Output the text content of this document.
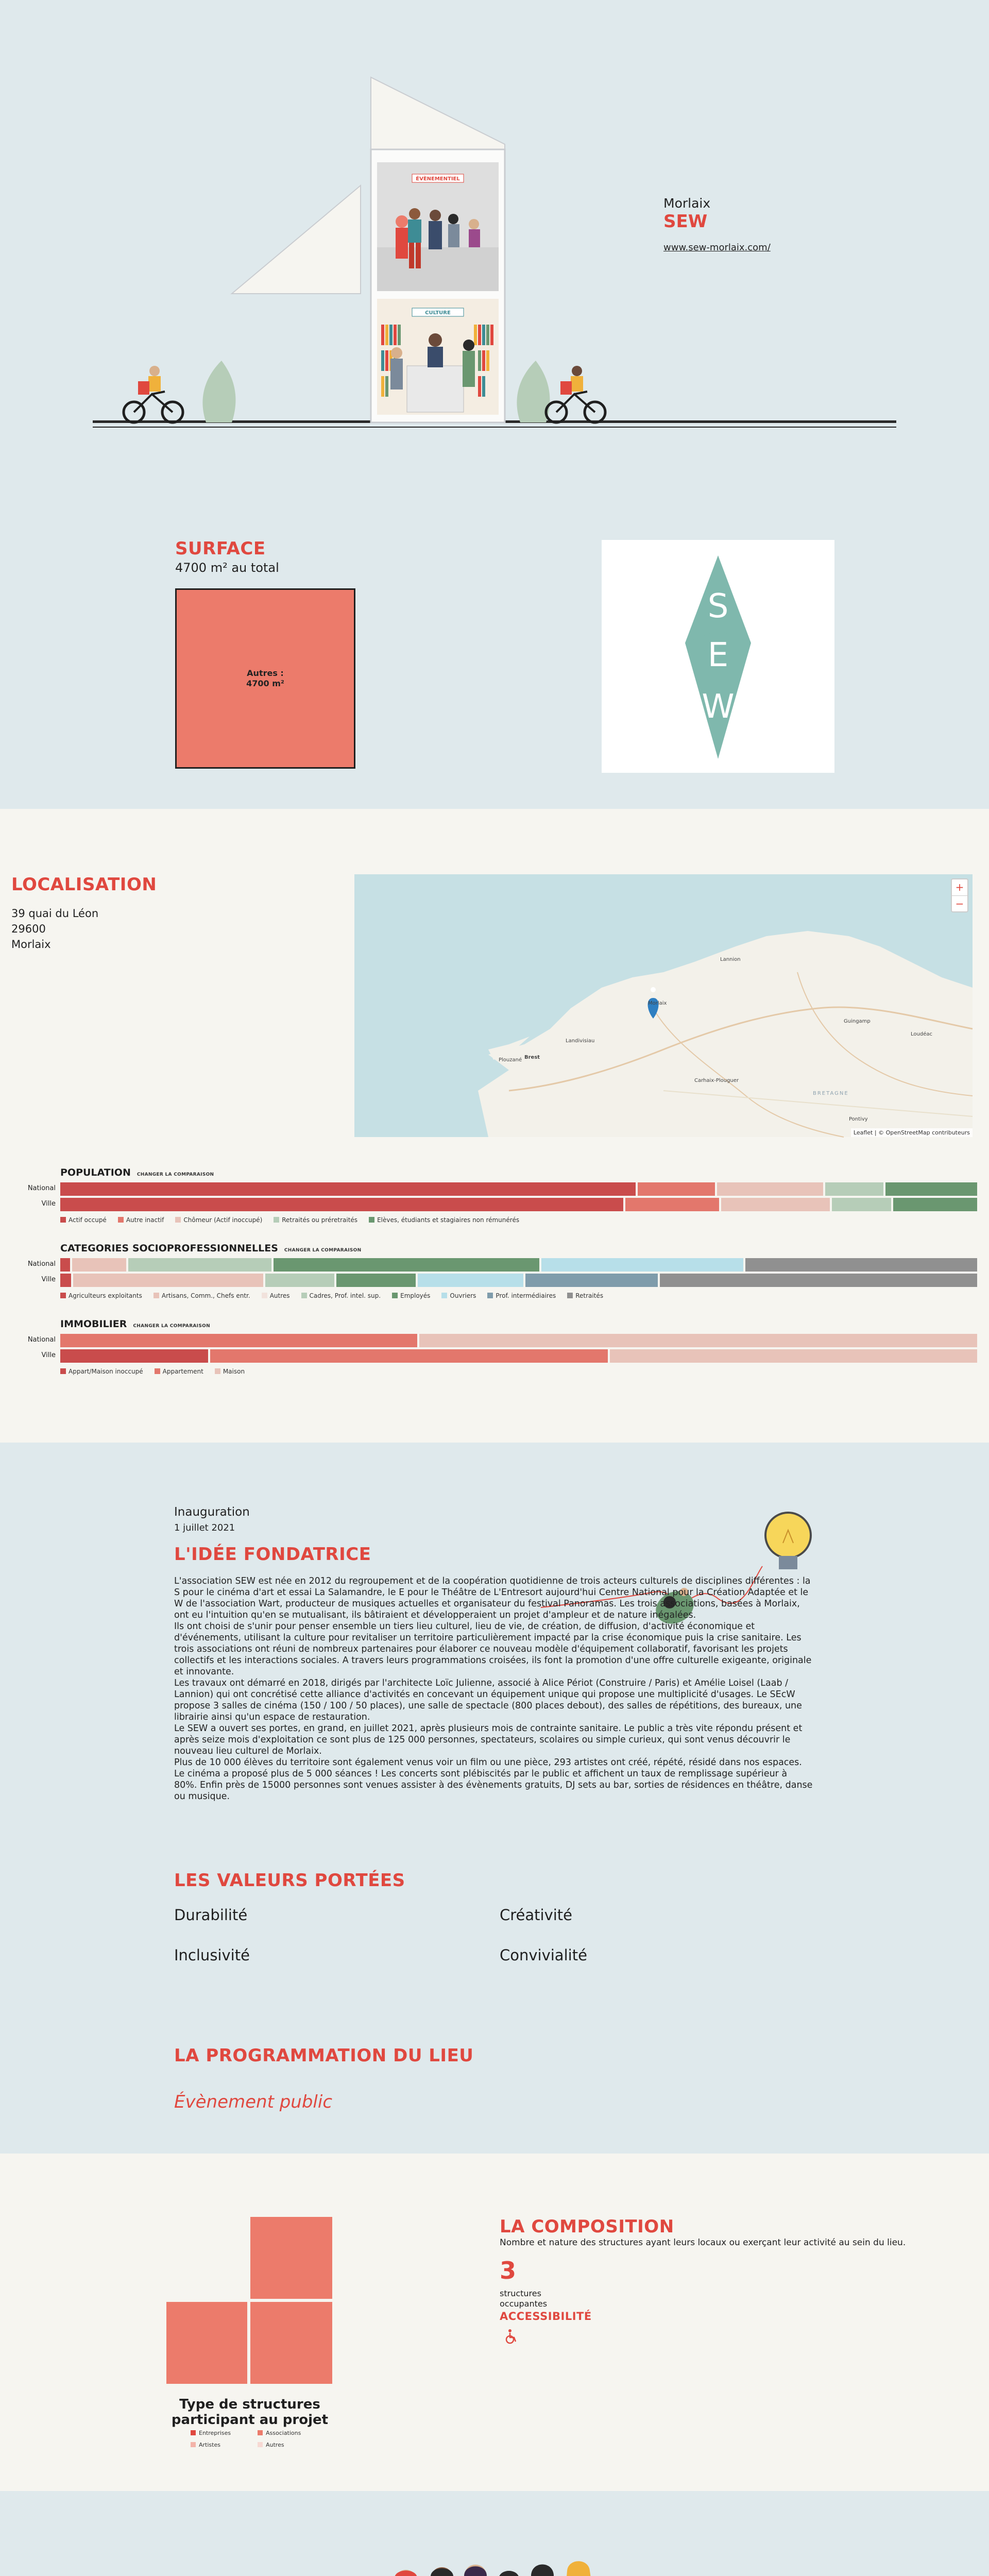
ÉVÈNEMENTIEL
CULTURE
Morlaix
SEW
www.sew-morlaix.com/
SURFACE
4700 m² au total
Autres :
4700 m²
S
E
W
LOCALISATION
39 quai du Léon
29600
Morlaix
Lannion
Morlaix
Landivisiau
Brest
Plouzané
Carhaix-Plouguer
Guingamp
Loudéac
BRETAGNE
Pontivy
+
−
Leaflet | © OpenStreetMap contributeurs
POPULATION CHANGER LA COMPARAISON
National
Ville
Actif occupé	Autre inactif	Chômeur (Actif inoccupé)	Retraités ou préretraités	Elèves, étudiants et stagiaires non rémunérés
CATEGORIES SOCIOPROFESSIONNELLES CHANGER LA COMPARAISON
National
Ville
Agriculteurs exploitants	Artisans, Comm., Chefs entr.	Autres	Cadres, Prof. intel. sup.	Employés	Ouvriers	Prof. intermédiaires	Retraités
IMMOBILIER CHANGER LA COMPARAISON
National
Ville
Appart/Maison inoccupé	Appartement	Maison
Inauguration
1 juillet 2021
L'IDÉE FONDATRICE

L'association SEW est née en 2012 du regroupement et de la coopération quotidienne de trois acteurs culturels de disciplines différentes : la S pour le cinéma d'art et essai La Salamandre, le E pour le Théâtre de L'Entresort aujourd'hui Centre National pour la Création Adaptée et le W de l'association Wart, producteur de musiques actuelles et organisateur du festival Panoramas. Les trois associations, basées à Morlaix, ont eu l'intuition qu'en se mutualisant, ils bâtiraient et développeraient un projet d'ampleur et de nature inégalées.

Ils ont choisi de s'unir pour penser ensemble un tiers lieu culturel, lieu de vie, de création, de diffusion, d'activité économique et d'événements, utilisant la culture pour revitaliser un territoire particulièrement impacté par la crise économique puis la crise sanitaire. Les trois associations ont réuni de nombreux partenaires pour élaborer ce nouveau modèle d'équipement collaboratif, favorisant les projets collectifs et les interactions sociales. A travers leurs programmations croisées, ils font la promotion d'une offre culturelle exigeante, originale et innovante.

Les travaux ont démarré en 2018, dirigés par l'architecte Loïc Julienne, associé à Alice Périot (Construire / Paris) et Amélie Loisel (Laab / Lannion) qui ont concrétisé cette alliance d'activités en concevant un équipement unique qui propose une multiplicité d'usages. Le SEcW propose 3 salles de cinéma (150 / 100 / 50 places), une salle de spectacle (800 places debout), des salles de répétitions, des bureaux, une librairie ainsi qu'un espace de restauration.

Le SEW a ouvert ses portes, en grand, en juillet 2021, après plusieurs mois de contrainte sanitaire. Le public a très vite répondu présent et après seize mois d'exploitation ce sont plus de 125 000 personnes, spectateurs, scolaires ou simple curieux, qui sont venus découvrir le nouveau lieu culturel de Morlaix.

Plus de 10 000 élèves du territoire sont également venus voir un film ou une pièce, 293 artistes ont créé, répété, résidé dans nos espaces. Le cinéma a proposé plus de 5 000 séances ! Les concerts sont plébiscités par le public et affichent un taux de remplissage supérieur à 80%. Enfin près de 15000 personnes sont venues assister à des évènements gratuits, DJ sets au bar, sorties de résidences en théâtre, danse ou musique.

LES VALEURS PORTÉES
Durabilité	Créativité
Inclusivité	Convivialité
LA PROGRAMMATION DU LIEU
Évènement public
Type de structures
participant au projet
Entreprises	Associations
Artistes	Autres
LA COMPOSITION
Nombre et nature des structures ayant leurs locaux ou exerçant leur activité au sein du lieu.
3
structures
occupantes
ACCESSIBILITÉ
